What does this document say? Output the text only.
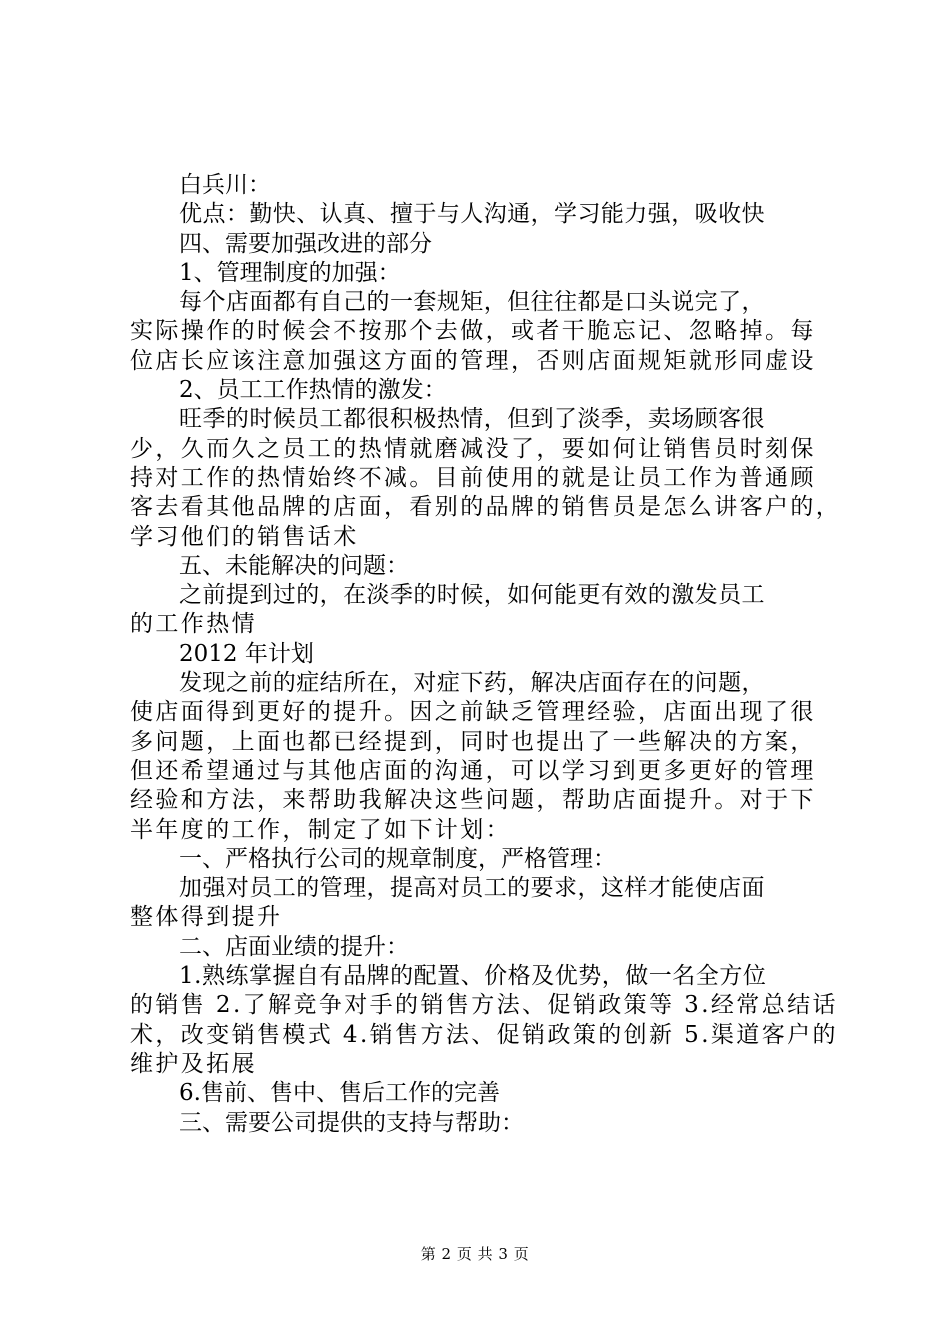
白兵川：
优点：勤快、认真、擅于与人沟通，学习能力强，吸收快
四、需要加强改进的部分
1、管理制度的加强：
每个店面都有自己的一套规矩，但往往都是口头说完了，
实际操作的时候会不按那个去做，或者干脆忘记、忽略掉。每
位店长应该注意加强这方面的管理，否则店面规矩就形同虚设
2、员工工作热情的激发：
旺季的时候员工都很积极热情，但到了淡季，卖场顾客很
少，久而久之员工的热情就磨减没了，要如何让销售员时刻保
持对工作的热情始终不减。目前使用的就是让员工作为普通顾
客去看其他品牌的店面，看别的品牌的销售员是怎么讲客户的，
学习他们的销售话术
五、未能解决的问题：
之前提到过的，在淡季的时候，如何能更有效的激发员工
的工作热情
2012 年计划
发现之前的症结所在，对症下药，解决店面存在的问题，
使店面得到更好的提升。因之前缺乏管理经验，店面出现了很
多问题，上面也都已经提到，同时也提出了一些解决的方案，
但还希望通过与其他店面的沟通，可以学习到更多更好的管理
经验和方法，来帮助我解决这些问题，帮助店面提升。对于下
半年度的工作，制定了如下计划：
一、严格执行公司的规章制度，严格管理：
加强对员工的管理，提高对员工的要求，这样才能使店面
整体得到提升
二、店面业绩的提升：
1.熟练掌握自有品牌的配置、价格及优势，做一名全方位
的销售 2.了解竞争对手的销售方法、促销政策等 3.经常总结话
术，改变销售模式 4.销售方法、促销政策的创新 5.渠道客户的
维护及拓展
6.售前、售中、售后工作的完善
三、需要公司提供的支持与帮助：
第 2 页 共 3 页
